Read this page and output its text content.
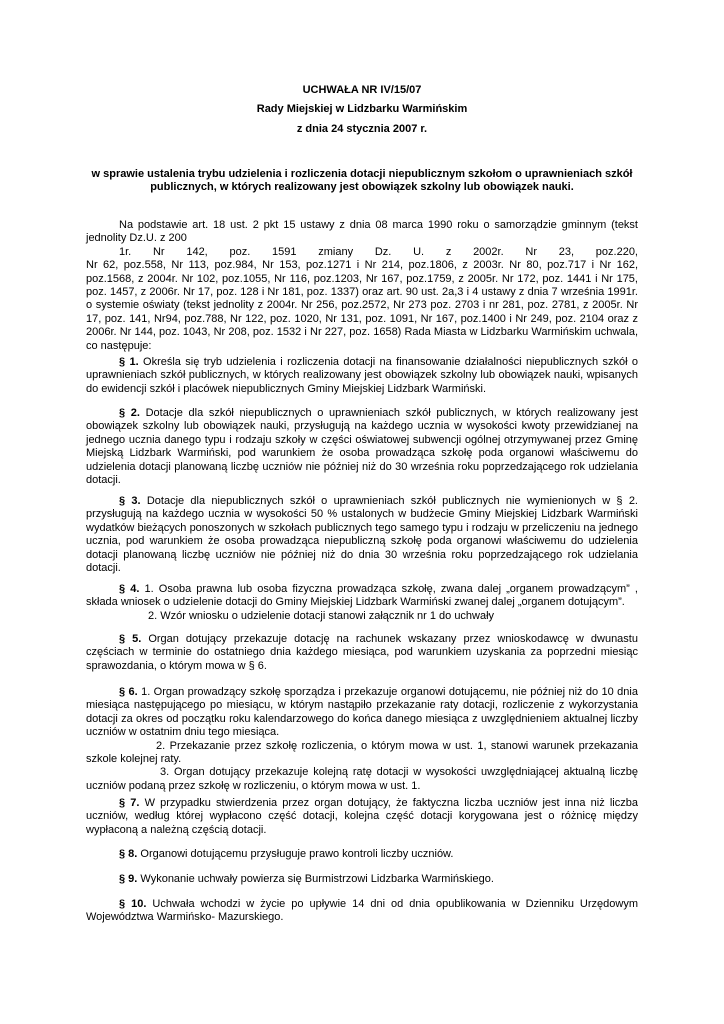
UCHWAŁA NR IV/15/07
Rady Miejskiej w Lidzbarku Warmińskim
z dnia 24 stycznia 2007 r.
w sprawie ustalenia trybu udzielenia i rozliczenia dotacji niepublicznym szkołom o uprawnieniach szkół publicznych, w których realizowany jest obowiązek szkolny lub obowiązek nauki.
Na podstawie art. 18 ust. 2 pkt 15 ustawy z dnia 08 marca 1990 roku o samorządzie gminnym (tekst jednolity Dz.U. z 200
1r. Nr 142, poz. 1591 zmiany Dz. U. z 2002r. Nr 23, poz.220,
Nr 62, poz.558, Nr 113, poz.984, Nr 153, poz.1271 i Nr 214, poz.1806, z 2003r. Nr 80, poz.717 i Nr 162, poz.1568, z 2004r. Nr 102, poz.1055, Nr 116, poz.1203, Nr 167, poz.1759, z 2005r. Nr 172, poz. 1441 i Nr 175, poz. 1457, z 2006r. Nr 17, poz. 128 i Nr 181, poz. 1337) oraz art. 90 ust. 2a,3 i 4 ustawy z dnia 7 września 1991r. o systemie oświaty (tekst jednolity z 2004r. Nr 256, poz.2572, Nr 273 poz. 2703 i nr 281, poz. 2781, z 2005r. Nr 17, poz. 141, Nr94, poz.788, Nr 122, poz. 1020, Nr 131, poz. 1091, Nr 167, poz.1400 i Nr 249, poz. 2104 oraz z 2006r. Nr 144, poz. 1043, Nr 208, poz. 1532 i Nr 227, poz. 1658) Rada Miasta w Lidzbarku Warmińskim uchwala, co następuje:
§ 1. Określa się tryb udzielenia i rozliczenia dotacji na finansowanie działalności niepublicznych szkół o uprawnieniach szkół publicznych, w których realizowany jest obowiązek szkolny lub obowiązek nauki, wpisanych do ewidencji szkół i placówek niepublicznych Gminy Miejskiej Lidzbark Warmiński.
§ 2. Dotacje dla szkół niepublicznych o uprawnieniach szkół publicznych, w których realizowany jest obowiązek szkolny lub obowiązek nauki, przysługują na każdego ucznia w wysokości kwoty przewidzianej na jednego ucznia danego typu i rodzaju szkoły w części oświatowej subwencji ogólnej otrzymywanej przez Gminę Miejską Lidzbark Warmiński, pod warunkiem że osoba prowadząca szkołę poda organowi właściwemu do udzielenia dotacji planowaną liczbę uczniów nie później niż do 30 września roku poprzedzającego rok udzielania dotacji.
§ 3. Dotacje dla niepublicznych szkół o uprawnieniach szkół publicznych nie wymienionych w § 2. przysługują na każdego ucznia w wysokości 50 % ustalonych w budżecie Gminy Miejskiej Lidzbark Warmiński wydatków bieżących ponoszonych w szkołach publicznych tego samego typu i rodzaju w przeliczeniu na jednego ucznia, pod warunkiem że osoba prowadząca niepubliczną szkołę poda organowi właściwemu do udzielenia dotacji planowaną liczbę uczniów nie później niż do dnia 30 września roku poprzedzającego rok udzielania dotacji.
§ 4. 1. Osoba prawna lub osoba fizyczna prowadząca szkołę, zwana dalej „organem prowadzącym” , składa wniosek o udzielenie dotacji do Gminy Miejskiej Lidzbark Warmiński zwanej dalej „organem dotującym”.
2. Wzór wniosku o udzielenie dotacji stanowi załącznik nr 1 do uchwały
§ 5. Organ dotujący przekazuje dotację na rachunek wskazany przez wnioskodawcę w dwunastu częściach w terminie do ostatniego dnia każdego miesiąca, pod warunkiem uzyskania za poprzedni miesiąc sprawozdania, o którym mowa w § 6.
§ 6. 1. Organ prowadzący szkołę sporządza i przekazuje organowi dotującemu, nie później niż do 10 dnia miesiąca następującego po miesiącu, w którym nastąpiło przekazanie raty dotacji, rozliczenie z wykorzystania dotacji za okres od początku roku kalendarzowego do końca danego miesiąca z uwzględnieniem aktualnej liczby uczniów w ostatnim dniu tego miesiąca.
2. Przekazanie przez szkołę rozliczenia, o którym mowa w ust. 1, stanowi warunek przekazania szkole kolejnej raty.
3. Organ dotujący przekazuje kolejną ratę dotacji w wysokości uwzględniającej aktualną liczbę uczniów podaną przez szkołę w rozliczeniu, o którym mowa w ust. 1.
§ 7. W przypadku stwierdzenia przez organ dotujący, że faktyczna liczba uczniów jest inna niż liczba uczniów, według której wypłacono część dotacji, kolejna część dotacji korygowana jest o różnicę między wypłaconą a należną częścią dotacji.
§ 8. Organowi dotującemu przysługuje prawo kontroli liczby uczniów.
§ 9. Wykonanie uchwały powierza się Burmistrzowi Lidzbarka Warmińskiego.
§ 10. Uchwała wchodzi w życie po upływie 14 dni od dnia opublikowania w Dzienniku Urzędowym Województwa Warmińsko- Mazurskiego.
